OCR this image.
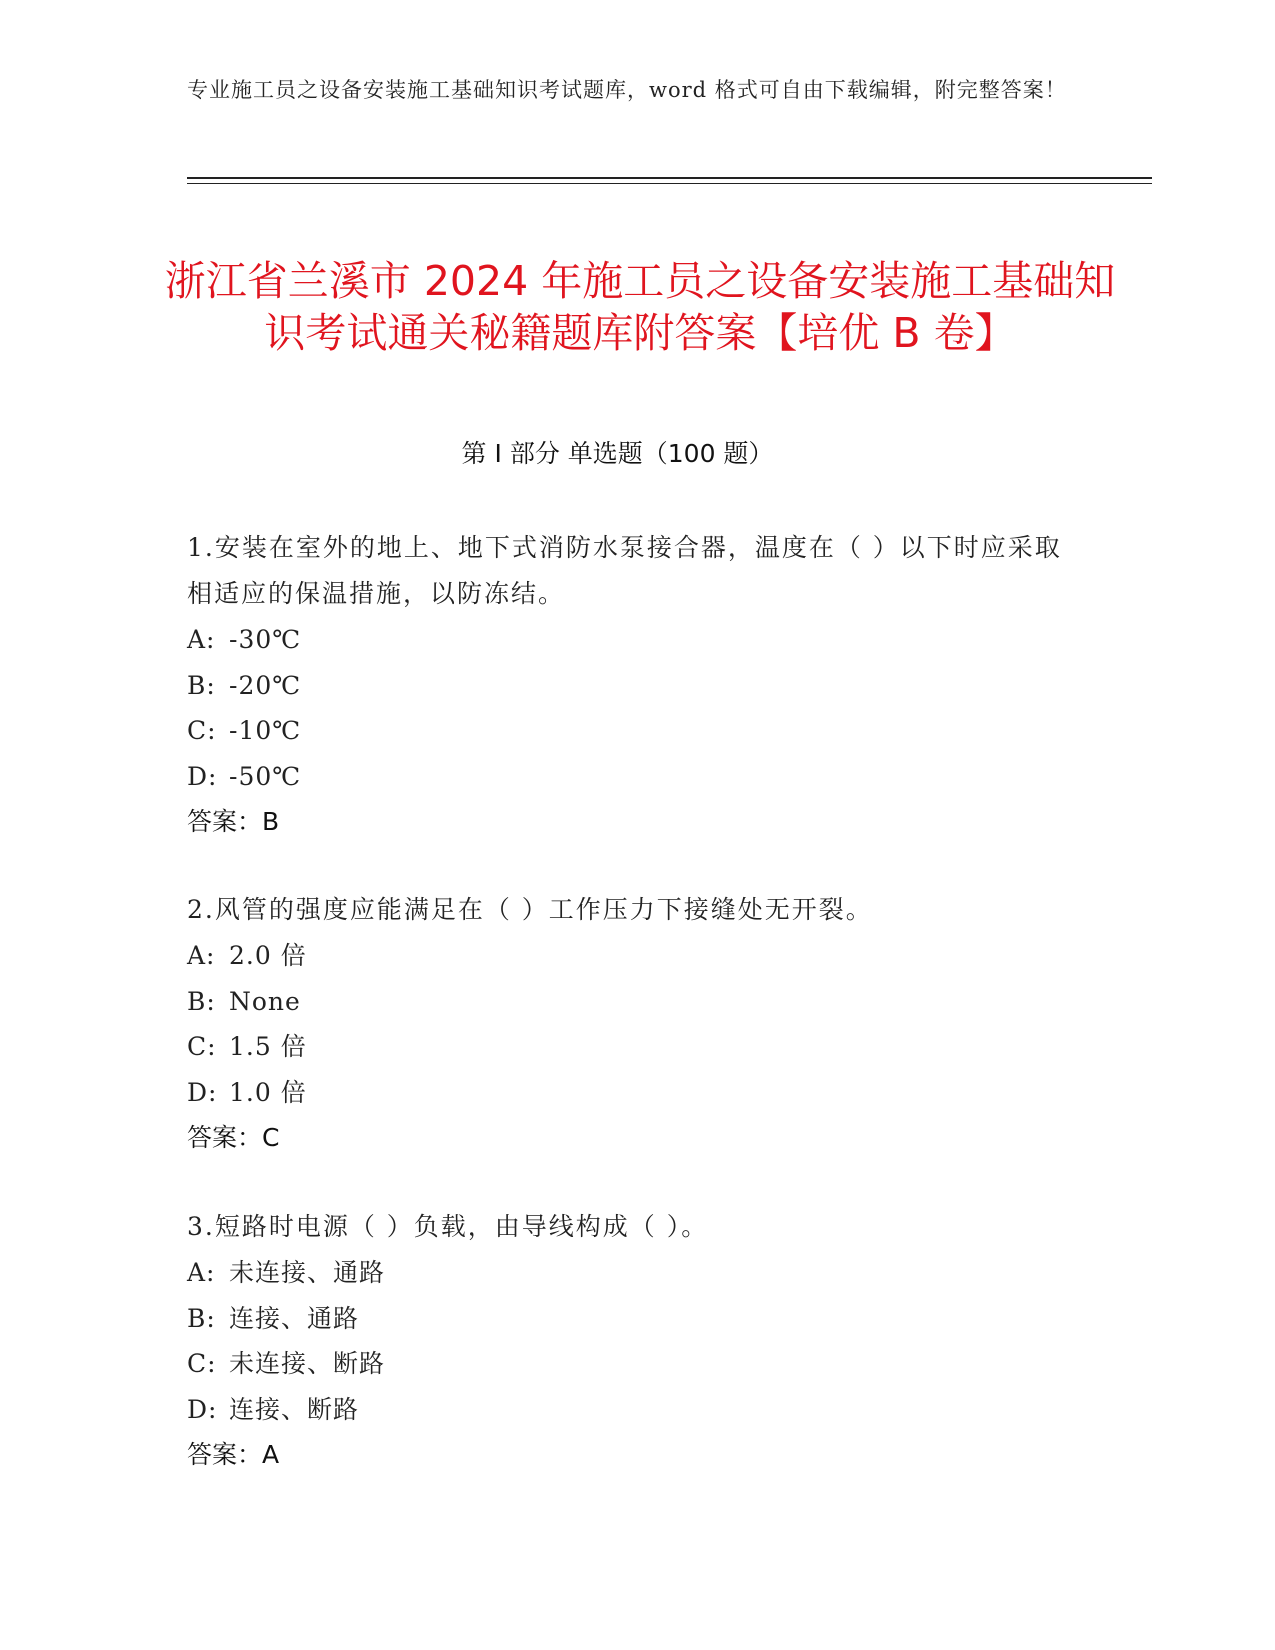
专业施工员之设备安装施工基础知识考试题库，word 格式可自由下载编辑，附完整答案！
浙江省兰溪市 2024 年施工员之设备安装施工基础知识考试通关秘籍题库附答案【培优 B 卷】
第 I 部分 单选题（100 题）
1.安装在室外的地上、地下式消防水泵接合器，温度在（ ）以下时应采取相适应的保温措施，以防冻结。
A: -30℃
B: -20℃
C: -10℃
D: -50℃
答案：B
2.风管的强度应能满足在（ ）工作压力下接缝处无开裂。
A: 2.0 倍
B: None
C: 1.5 倍
D: 1.0 倍
答案：C
3.短路时电源（ ）负载，由导线构成（ ）。
A: 未连接、通路
B: 连接、通路
C: 未连接、断路
D: 连接、断路
答案：A
